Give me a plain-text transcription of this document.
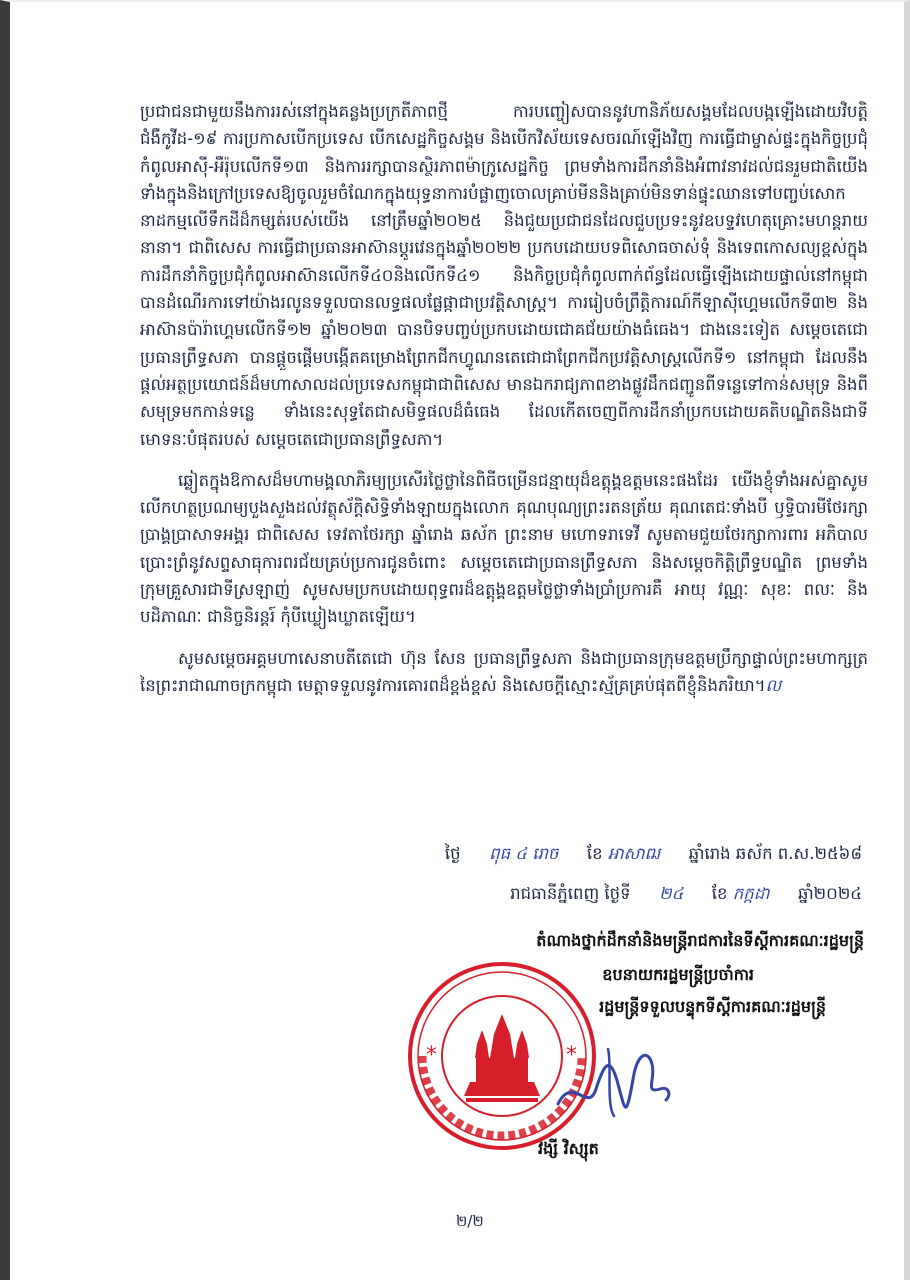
ប្រជាជនជាមួយនឹងការរស់នៅក្នុងគន្លងប្រក្រតីភាពថ្មី ការបញ្ចៀសបាននូវហានិភ័យសង្គមដែលបង្កឡើងដោយវិបត្តិជំងឺកូវីដ-១៩ ការប្រកាសបើកប្រទេស បើកសេដ្ឋកិច្ចសង្គម និងបើកវិស័យទេសចរណ៍ឡើងវិញ ការធ្វើជាម្ចាស់ផ្ទះក្នុងកិច្ចប្រជុំកំពូលអាស៊ី-អឺរ៉ុបលើកទី១៣ និងការរក្សាបានស្ថិរភាពម៉ាក្រូសេដ្ឋកិច្ច ព្រមទាំងការដឹកនាំនិងអំពាវនាវដល់ជនរួមជាតិយើងទាំងក្នុងនិងក្រៅប្រទេសឱ្យចូលរួមចំណែកក្នុងយុទ្ធនាការបំផ្លាញចោលគ្រាប់មីននិងគ្រាប់មិនទាន់ផ្ទុះឈានទៅបញ្ចប់សោកនាដកម្មលើទឹកដីដ៏កម្សត់របស់យើង នៅត្រឹមឆ្នាំ២០២៥ និងជួយប្រជាជនដែលជួបប្រទះនូវឧបទ្ទវហេតុគ្រោះមហន្តរាយនានា។ ជាពិសេស ការធ្វើជាប្រធានអាស៊ានប្ដូរវេនក្នុងឆ្នាំ២០២២ ប្រកបដោយបទពិសោធចាស់ទុំ និងទេពកោសល្យខ្ពស់ក្នុងការដឹកនាំកិច្ចប្រជុំកំពូលអាស៊ានលើកទី៤០និងលើកទី៤១ និងកិច្ចប្រជុំកំពូលពាក់ព័ន្ធដែលធ្វើឡើងដោយផ្ទាល់នៅកម្ពុជា បានដំណើរការទៅយ៉ាងរលូនទទួលបានលទ្ធផលផ្លែផ្កាជាប្រវត្តិសាស្ត្រ។ ការរៀបចំព្រឹត្តិការណ៍កីឡាស៊ីហ្គេមលើកទី៣២ និងអាស៊ានប៉ារ៉ាហ្គេមលើកទី១២ ឆ្នាំ២០២៣ បានបិទបញ្ចប់ប្រកបដោយជោគជ័យយ៉ាងធំធេង។ ជាងនេះទៀត សម្ដេចតេជោប្រធានព្រឹទ្ធសភា បានផ្ដួចផ្ដើមបង្កើតគម្រោងព្រែកជីកហ្វូណនតេជោជាព្រែកជីកប្រវត្តិសាស្ត្រលើកទី១ នៅកម្ពុជា ដែលនឹងផ្ដល់អត្ថប្រយោជន៍ដ៏មហាសាលដល់ប្រទេសកម្ពុជាជាពិសេស មានឯករាជ្យភាពខាងផ្លូវដឹកជញ្ជូនពីទន្លេទៅកាន់សមុទ្រ និងពីសមុទ្រមកកាន់ទន្លេ ទាំងនេះសុទ្ធតែជាសមិទ្ធផលដ៏ធំធេង ដែលកើតចេញពីការដឹកនាំប្រកបដោយគតិបណ្ឌិតនិងជាទីមោទនៈបំផុតរបស់ សម្ដេចតេជោប្រធានព្រឹទ្ធសភា។

ឆ្លៀតក្នុងឱកាសដ៏មហាមង្គលាភិរម្យប្រសើរថ្លៃថ្លានៃពិធីចម្រើនជន្មាយុដ៏ឧត្ដុង្គឧត្ដមនេះផងដែរ យើងខ្ញុំទាំងអស់គ្នាសូមលើកហត្ថប្រណម្យបួងសួងដល់វត្ថុស័ក្តិសិទ្ធិទាំងឡាយក្នុងលោក គុណបុណ្យព្រះរតនត្រ័យ គុណតេជៈទាំងបី ឫទ្ធិបារមីថែរក្សាប្រាង្គប្រាសាទអង្គរ ជាពិសេស ទេវតាថែរក្សា ឆ្នាំរោង ឆស័ក ព្រះនាម មហោទរាទេវី សូមតាមជួយថែរក្សាការពារ អភិបាល ប្រោះព្រំនូវសព្ទសាធុការពរជ័យគ្រប់ប្រការជូនចំពោះ សម្ដេចតេជោប្រធានព្រឹទ្ធសភា និងសម្ដេចកិត្តិព្រឹទ្ធបណ្ឌិត ព្រមទាំងក្រុមគ្រួសារជាទីស្រឡាញ់ សូមសមប្រកបដោយពុទ្ធពរដ៏ឧត្ដុង្គឧត្ដមថ្លៃថ្លាទាំងប្រាំប្រការគឺ អាយុ វណ្ណៈ សុខៈ ពលៈ និងបដិភាណៈ ជានិច្ចនិរន្តរ៍ កុំបីឃ្លៀងឃ្លាតឡើយ។

សូមសម្ដេចអគ្គមហាសេនាបតីតេជោ ហ៊ុន សែន ប្រធានព្រឹទ្ធសភា និងជាប្រធានក្រុមឧត្ដមប្រឹក្សាផ្ទាល់ព្រះមហាក្សត្រ នៃព្រះរាជាណាចក្រកម្ពុជា មេត្តាទទួលនូវការគោរពដ៏ខ្ពង់ខ្ពស់ និងសេចក្ដីស្មោះស្ម័គ្រគ្រប់ផុតពីខ្ញុំនិងភរិយា។ល

ថ្ងៃ ពុធ ៤ រោច ខែ អាសាឍ ឆ្នាំរោង ឆស័ក ព.ស.២៥៦៨
រាជធានីភ្នំពេញ ថ្ងៃទី ២៤ ខែ កក្កដា ឆ្នាំ២០២៤
តំណាងថ្នាក់ដឹកនាំនិងមន្ត្រីរាជការនៃទីស្ដីការគណៈរដ្ឋមន្ត្រី
ឧបនាយករដ្ឋមន្ត្រីប្រចាំការ
រដ្ឋមន្ត្រីទទួលបន្ទុកទីស្ដីការគណៈរដ្ឋមន្ត្រី
*	*
វង្សី វិស្សុត
២/២
